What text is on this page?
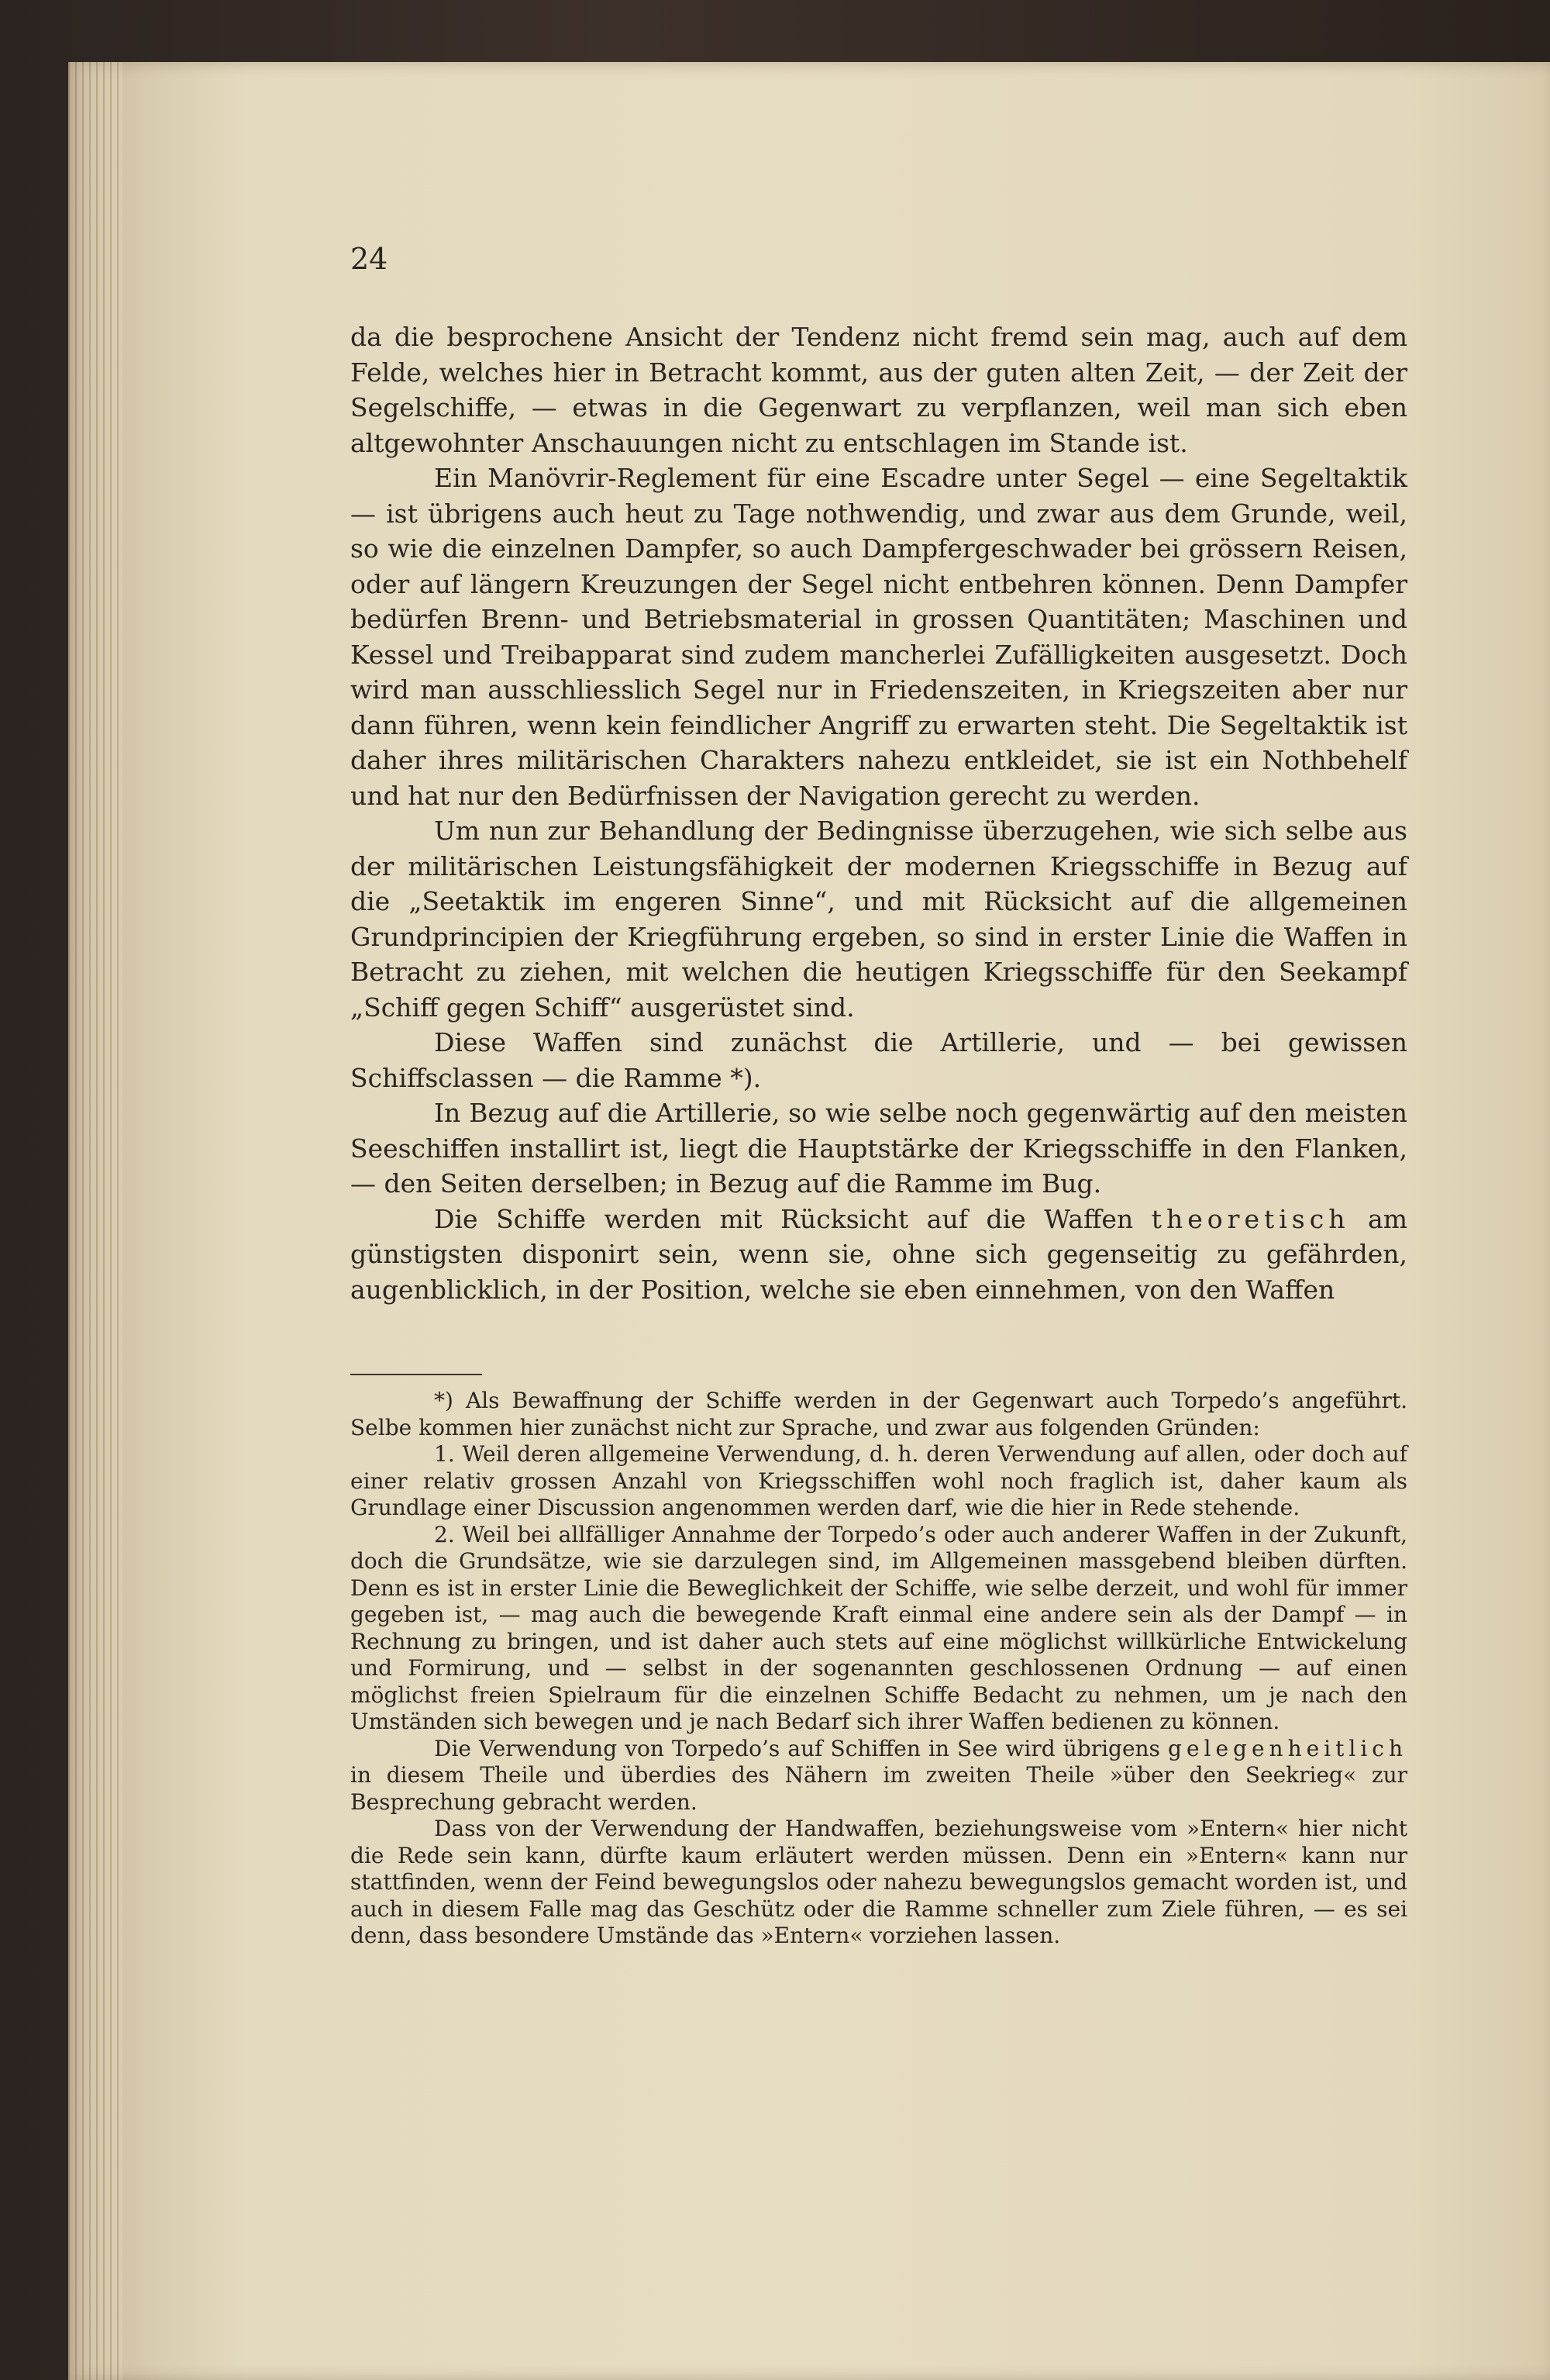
24

da die besprochene Ansicht der Tendenz nicht fremd sein mag, auch auf dem Felde, welches hier in Betracht kommt, aus der guten alten Zeit, — der Zeit der Segelschiffe, — etwas in die Gegenwart zu verpflanzen, weil man sich eben altgewohnter Anschauungen nicht zu entschlagen im Stande ist.

Ein Manövrir-Reglement für eine Escadre unter Segel — eine Segeltaktik — ist übrigens auch heut zu Tage nothwendig, und zwar aus dem Grunde, weil, so wie die einzelnen Dampfer, so auch Dampfergeschwader bei grössern Reisen, oder auf längern Kreuzungen der Segel nicht entbehren können. Denn Dampfer bedürfen Brenn- und Betriebsmaterial in grossen Quantitäten; Maschinen und Kessel und Treibapparat sind zudem mancherlei Zufälligkeiten ausgesetzt. Doch wird man ausschliesslich Segel nur in Friedenszeiten, in Kriegszeiten aber nur dann führen, wenn kein feindlicher Angriff zu erwarten steht. Die Segeltaktik ist daher ihres militärischen Charakters nahezu entkleidet, sie ist ein Nothbehelf und hat nur den Bedürfnissen der Navigation gerecht zu werden.

Um nun zur Behandlung der Bedingnisse überzugehen, wie sich selbe aus der militärischen Leistungsfähigkeit der modernen Kriegsschiffe in Bezug auf die „Seetaktik im engeren Sinne“, und mit Rücksicht auf die allgemeinen Grundprincipien der Kriegführung ergeben, so sind in erster Linie die Waffen in Betracht zu ziehen, mit welchen die heutigen Kriegsschiffe für den Seekampf „Schiff gegen Schiff“ ausgerüstet sind.

Diese Waffen sind zunächst die Artillerie, und — bei gewissen Schiffsclassen — die Ramme *).

In Bezug auf die Artillerie, so wie selbe noch gegenwärtig auf den meisten Seeschiffen installirt ist, liegt die Hauptstärke der Kriegsschiffe in den Flanken, — den Seiten derselben; in Bezug auf die Ramme im Bug.

Die Schiffe werden mit Rücksicht auf die Waffen theoretisch am günstigsten disponirt sein, wenn sie, ohne sich gegenseitig zu gefährden, augenblicklich, in der Position, welche sie eben einnehmen, von den Waffen

*) Als Bewaffnung der Schiffe werden in der Gegenwart auch Torpedo’s angeführt. Selbe kommen hier zunächst nicht zur Sprache, und zwar aus folgenden Gründen:

1. Weil deren allgemeine Verwendung, d. h. deren Verwendung auf allen, oder doch auf einer relativ grossen Anzahl von Kriegsschiffen wohl noch fraglich ist, daher kaum als Grundlage einer Discussion angenommen werden darf, wie die hier in Rede stehende.

2. Weil bei allfälliger Annahme der Torpedo’s oder auch anderer Waffen in der Zukunft, doch die Grundsätze, wie sie darzulegen sind, im Allgemeinen massgebend bleiben dürften. Denn es ist in erster Linie die Beweglichkeit der Schiffe, wie selbe derzeit, und wohl für immer gegeben ist, — mag auch die bewegende Kraft einmal eine andere sein als der Dampf — in Rechnung zu bringen, und ist daher auch stets auf eine möglichst willkürliche Entwickelung und Formirung, und — selbst in der sogenannten geschlossenen Ordnung — auf einen möglichst freien Spielraum für die einzelnen Schiffe Bedacht zu nehmen, um je nach den Umständen sich bewegen und je nach Bedarf sich ihrer Waffen bedienen zu können.

Die Verwendung von Torpedo’s auf Schiffen in See wird übrigens gelegenheitlich in diesem Theile und überdies des Nähern im zweiten Theile »über den Seekrieg« zur Besprechung gebracht werden.

Dass von der Verwendung der Handwaffen, beziehungsweise vom »Entern« hier nicht die Rede sein kann, dürfte kaum erläutert werden müssen. Denn ein »Entern« kann nur stattfinden, wenn der Feind bewegungslos oder nahezu bewegungslos gemacht worden ist, und auch in diesem Falle mag das Geschütz oder die Ramme schneller zum Ziele führen, — es sei denn, dass besondere Umstände das »Entern« vorziehen lassen.
